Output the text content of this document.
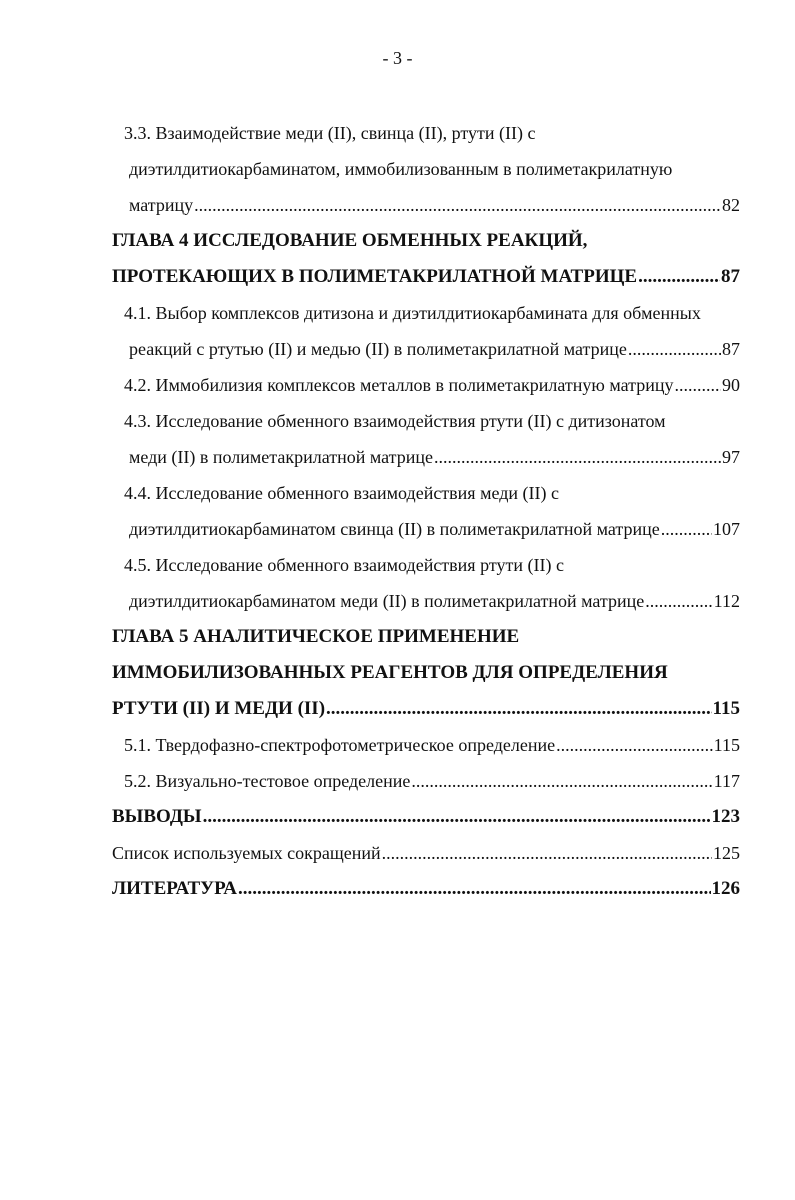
- 3 -
3.3. Взаимодействие меди (II), свинца (II), ртути (II) с
диэтилдитиокарбаминатом, иммобилизованным в полиметакрилатную
матрицу .....	82
ГЛАВА 4 ИССЛЕДОВАНИЕ ОБМЕННЫХ РЕАКЦИЙ,
ПРОТЕКАЮЩИХ В ПОЛИМЕТАКРИЛАТНОЙ МАТРИЦЕ .....	87
4.1. Выбор комплексов дитизона и диэтилдитиокарбамината для обменных
реакций с ртутью (II) и медью (II) в полиметакрилатной матрице .....	87
4.2. Иммобилизия комплексов металлов в полиметакрилатную матрицу .....	90
4.3. Исследование обменного взаимодействия ртути (II) с дитизонатом
меди (II) в полиметакрилатной матрице .....	97
4.4. Исследование обменного взаимодействия меди (II) с
диэтилдитиокарбаминатом свинца (II) в полиметакрилатной матрице .....	107
4.5. Исследование обменного взаимодействия ртути (II) с
диэтилдитиокарбаминатом меди (II) в полиметакрилатной матрице .....	112
ГЛАВА 5 АНАЛИТИЧЕСКОЕ ПРИМЕНЕНИЕ
ИММОБИЛИЗОВАННЫХ РЕАГЕНТОВ ДЛЯ ОПРЕДЕЛЕНИЯ
РТУТИ (II) И МЕДИ (II) .....	115
5.1. Твердофазно-спектрофотометрическое определение .....	115
5.2. Визуально-тестовое определение .....	117
ВЫВОДЫ .....	123
Список используемых сокращений .....	125
ЛИТЕРАТУРА .....	126
